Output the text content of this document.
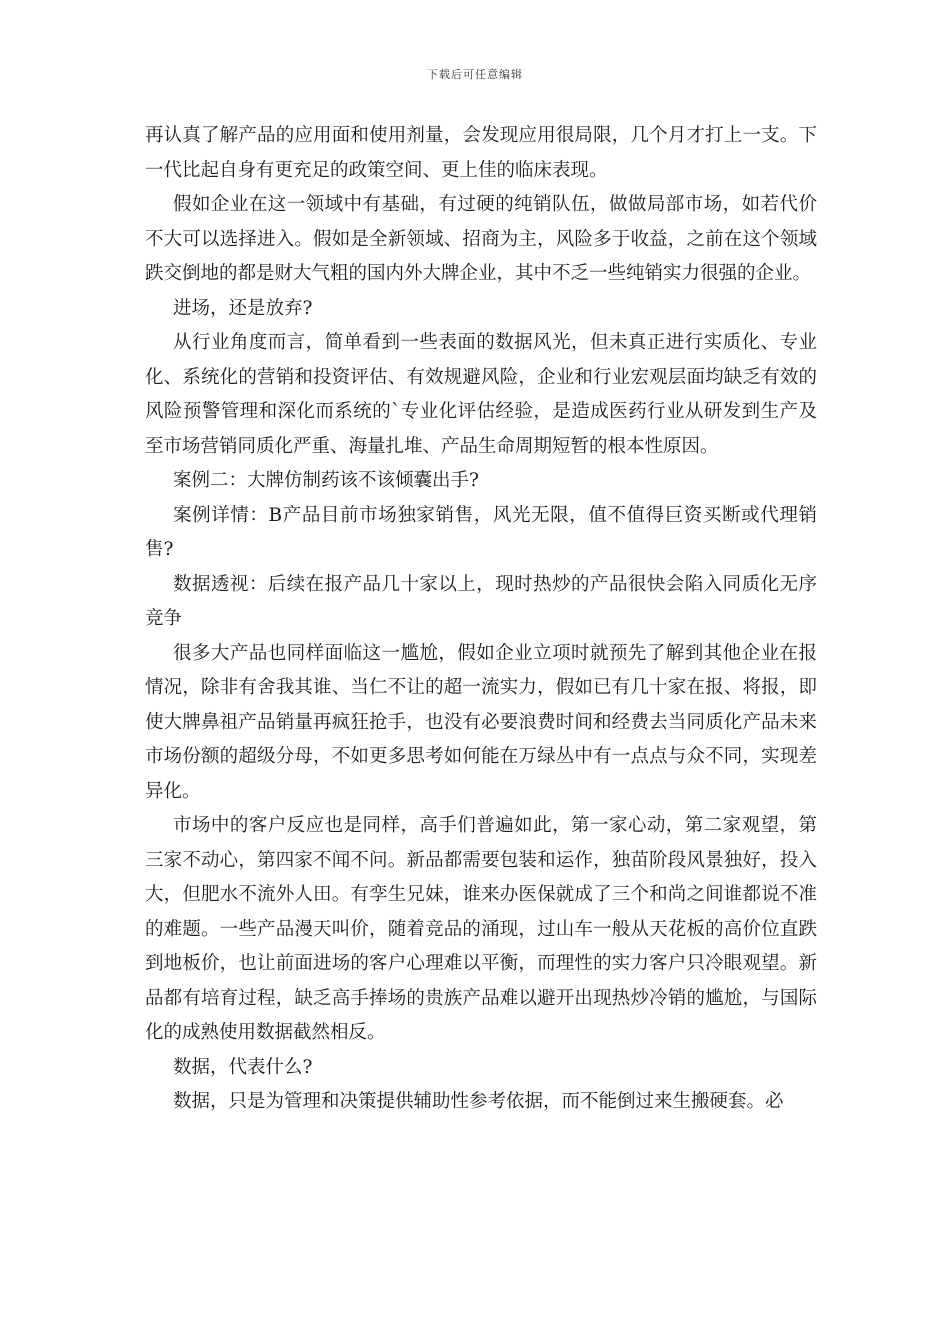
下载后可任意编辑

再认真了解产品的应用面和使用剂量，会发现应用很局限，几个月才打上一支。下一代比起自身有更充足的政策空间、更上佳的临床表现。

假如企业在这一领域中有基础，有过硬的纯销队伍，做做局部市场，如若代价不大可以选择进入。假如是全新领域、招商为主，风险多于收益，之前在这个领域跌交倒地的都是财大气粗的国内外大牌企业，其中不乏一些纯销实力很强的企业。

进场，还是放弃?

从行业角度而言，简单看到一些表面的数据风光，但未真正进行实质化、专业化、系统化的营销和投资评估、有效规避风险，企业和行业宏观层面均缺乏有效的风险预警管理和深化而系统的`专业化评估经验，是造成医药行业从研发到生产及至市场营销同质化严重、海量扎堆、产品生命周期短暂的根本性原因。

案例二：大牌仿制药该不该倾囊出手?

案例详情：B产品目前市场独家销售，风光无限，值不值得巨资买断或代理销售?

数据透视：后续在报产品几十家以上，现时热炒的产品很快会陷入同质化无序竞争

很多大产品也同样面临这一尴尬，假如企业立项时就预先了解到其他企业在报情况，除非有舍我其谁、当仁不让的超一流实力，假如已有几十家在报、将报，即使大牌鼻祖产品销量再疯狂抢手，也没有必要浪费时间和经费去当同质化产品未来市场份额的超级分母，不如更多思考如何能在万绿丛中有一点点与众不同，实现差异化。

市场中的客户反应也是同样，高手们普遍如此，第一家心动，第二家观望，第三家不动心，第四家不闻不问。新品都需要包装和运作，独苗阶段风景独好，投入大，但肥水不流外人田。有孪生兄妹，谁来办医保就成了三个和尚之间谁都说不准的难题。一些产品漫天叫价，随着竞品的涌现，过山车一般从天花板的高价位直跌到地板价，也让前面进场的客户心理难以平衡，而理性的实力客户只冷眼观望。新品都有培育过程，缺乏高手捧场的贵族产品难以避开出现热炒冷销的尴尬，与国际化的成熟使用数据截然相反。

数据，代表什么?

数据，只是为管理和决策提供辅助性参考依据，而不能倒过来生搬硬套。必
